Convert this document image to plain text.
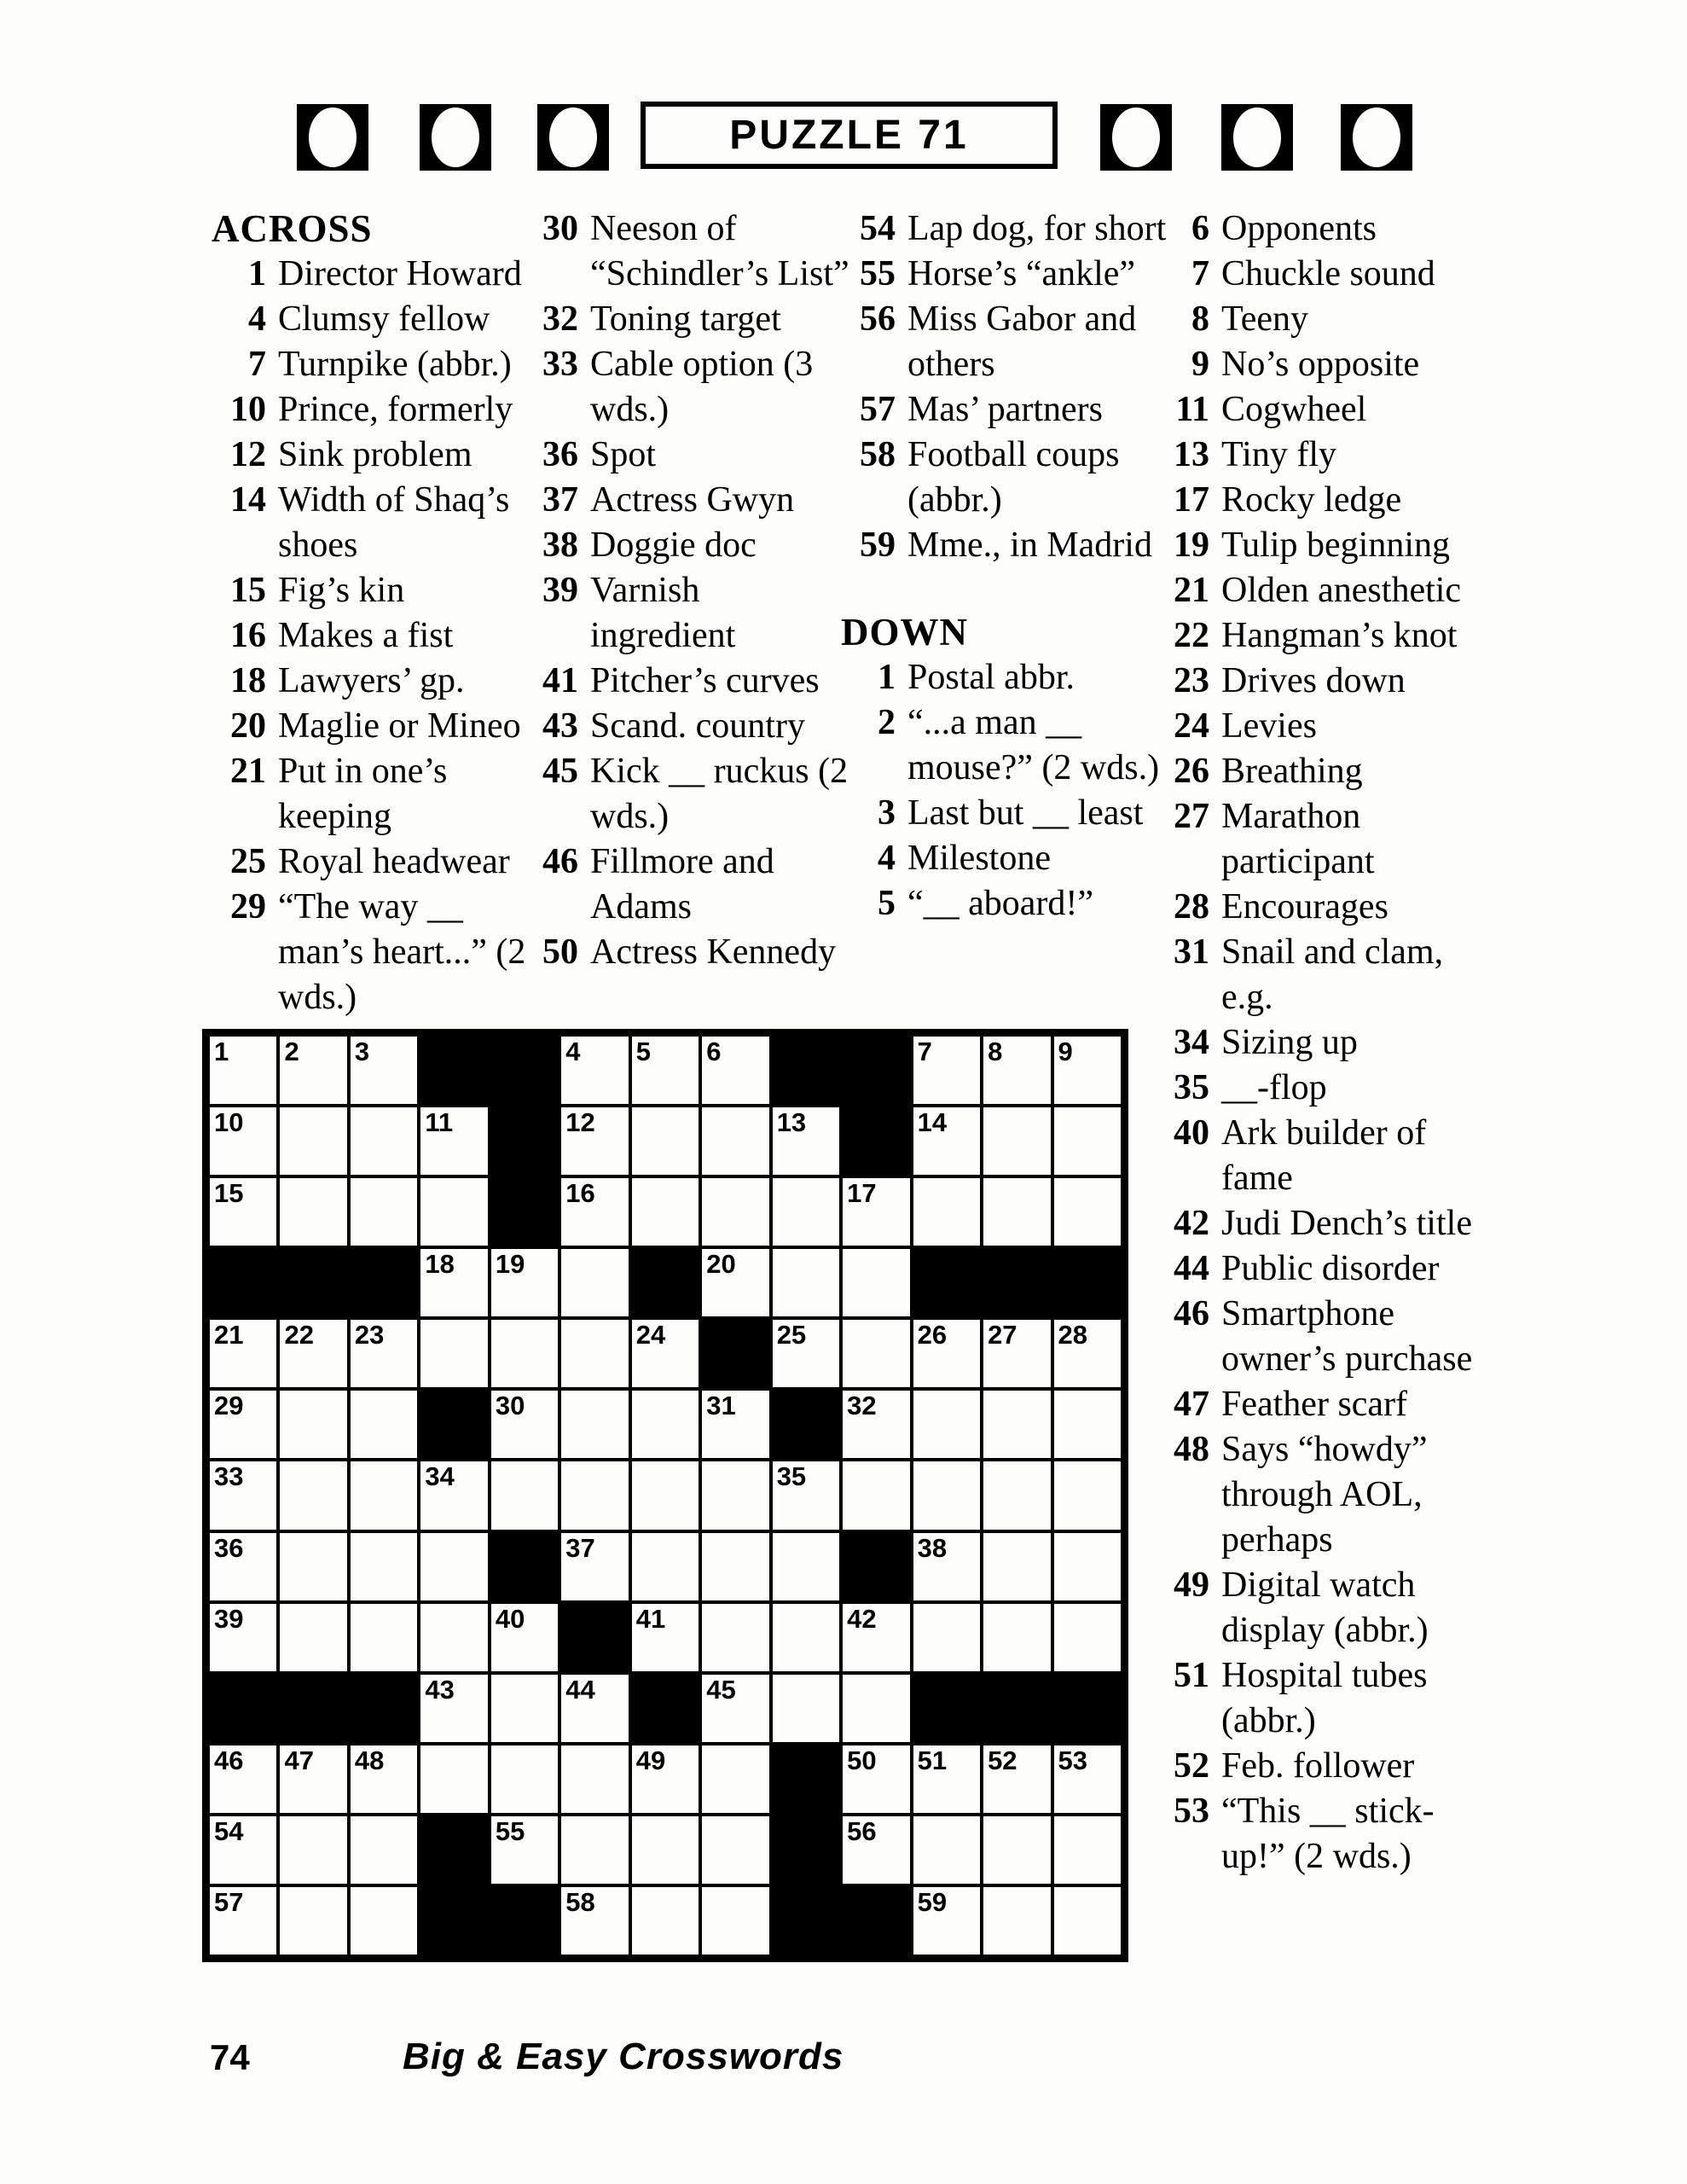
PUZZLE 71
ACROSS
1 Director Howard
4 Clumsy fellow
7 Turnpike (abbr.)
10 Prince, formerly
12 Sink problem
14 Width of Shaq’s shoes
15 Fig’s kin
16 Makes a fist
18 Lawyers’ gp.
20 Maglie or Mineo
21 Put in one’s keeping
25 Royal headwear
29 “The way __ man’s heart...” (2 wds.)
30 Neeson of “Schindler’s List”
32 Toning target
33 Cable option (3 wds.)
36 Spot
37 Actress Gwyn
38 Doggie doc
39 Varnish ingredient
41 Pitcher’s curves
43 Scand. country
45 Kick __ ruckus (2 wds.)
46 Fillmore and Adams
50 Actress Kennedy
54 Lap dog, for short
55 Horse’s “ankle”
56 Miss Gabor and others
57 Mas’ partners
58 Football coups (abbr.)
59 Mme., in Madrid
DOWN
1 Postal abbr.
2 “...a man __ mouse?” (2 wds.)
3 Last but __ least
4 Milestone
5 “__ aboard!”
6 Opponents
7 Chuckle sound
8 Teeny
9 No’s opposite
11 Cogwheel
13 Tiny fly
17 Rocky ledge
19 Tulip beginning
21 Olden anesthetic
22 Hangman’s knot
23 Drives down
24 Levies
26 Breathing
27 Marathon participant
28 Encourages
31 Snail and clam, e.g.
34 Sizing up
35 __-flop
40 Ark builder of fame
42 Judi Dench’s title
44 Public disorder
46 Smartphone owner’s purchase
47 Feather scarf
48 Says “howdy” through AOL, perhaps
49 Digital watch display (abbr.)
51 Hospital tubes (abbr.)
52 Feb. follower
53 “This __ stick-up!” (2 wds.)
1 2 3	4 5 6	7 8 9
10	11	12	13	14
15	16	17
18 19	20
21 22 23	24	25	26 27 28
29	30	31	32
33	34	35
36	37	38
39	40	41	42
43	44	45
46 47 48	49	50 51 52 53
54	55	56
57	58	59
74	Big & Easy Crosswords
